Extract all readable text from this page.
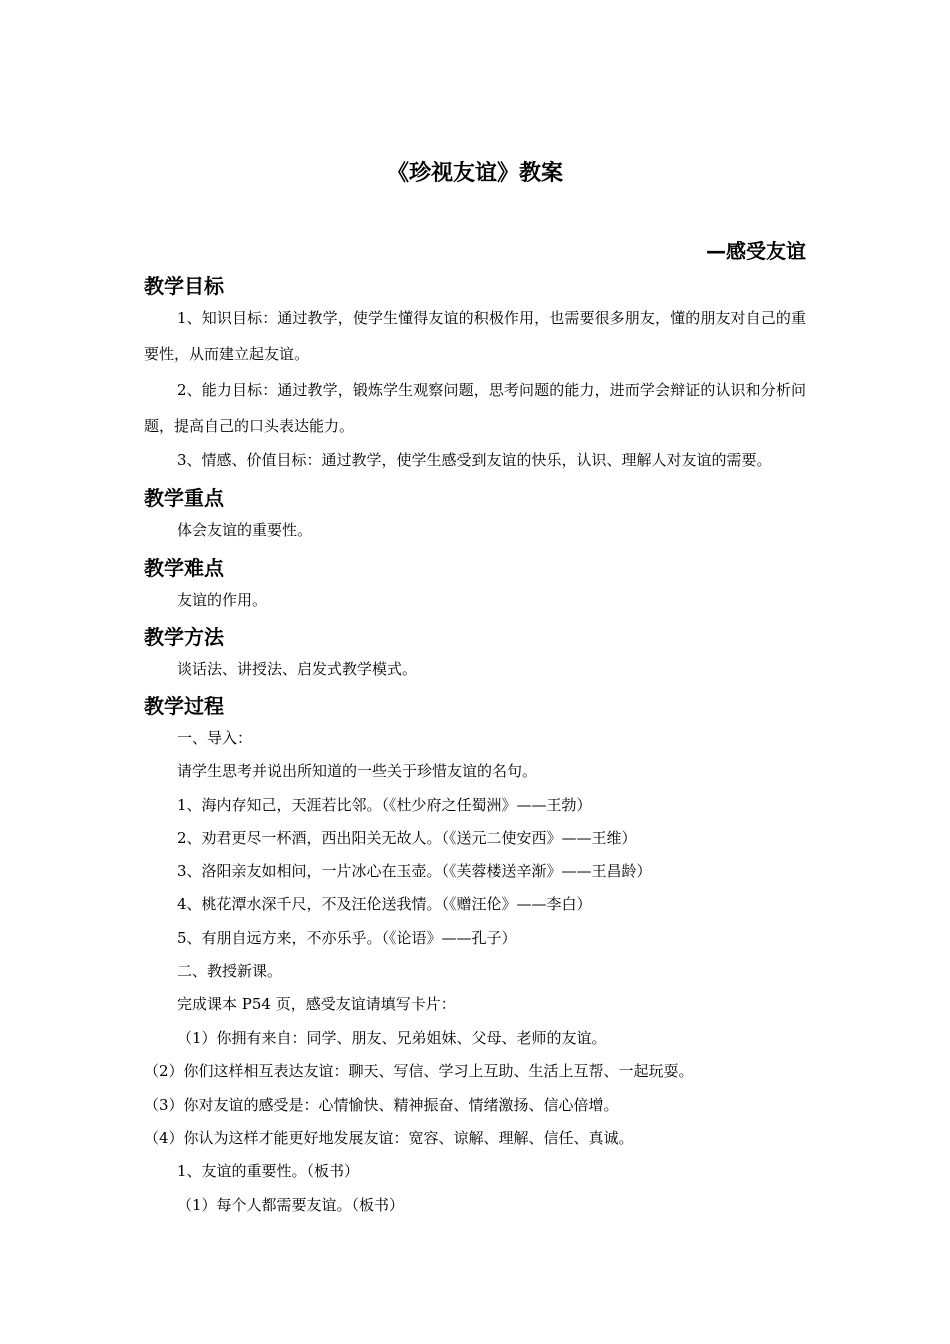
《珍视友谊》教案
—感受友谊
教学目标
1、知识目标：通过教学，使学生懂得友谊的积极作用，也需要很多朋友，懂的朋友对自己的重要性，从而建立起友谊。
2、能力目标：通过教学，锻炼学生观察问题，思考问题的能力，进而学会辩证的认识和分析问题，提高自己的口头表达能力。
3、情感、价值目标：通过教学，使学生感受到友谊的快乐，认识、理解人对友谊的需要。
教学重点
体会友谊的重要性。
教学难点
友谊的作用。
教学方法
谈话法、讲授法、启发式教学模式。
教学过程
一、导入：
请学生思考并说出所知道的一些关于珍惜友谊的名句。
1、海内存知己，天涯若比邻。（《杜少府之任蜀洲》——王勃）
2、劝君更尽一杯酒，西出阳关无故人。（《送元二使安西》——王维）
3、洛阳亲友如相问，一片冰心在玉壶。（《芙蓉楼送辛渐》——王昌龄）
4、桃花潭水深千尺，不及汪伦送我情。（《赠汪伦》——李白）
5、有朋自远方来，不亦乐乎。（《论语》——孔子）
二、教授新课。
完成课本 P54 页，感受友谊请填写卡片：
（1）你拥有来自：同学、朋友、兄弟姐妹、父母、老师的友谊。
（2）你们这样相互表达友谊：聊天、写信、学习上互助、生活上互帮、一起玩耍。
（3）你对友谊的感受是：心情愉快、精神振奋、情绪激扬、信心倍增。
（4）你认为这样才能更好地发展友谊：宽容、谅解、理解、信任、真诚。
1、友谊的重要性。（板书）
（1）每个人都需要友谊。（板书）
